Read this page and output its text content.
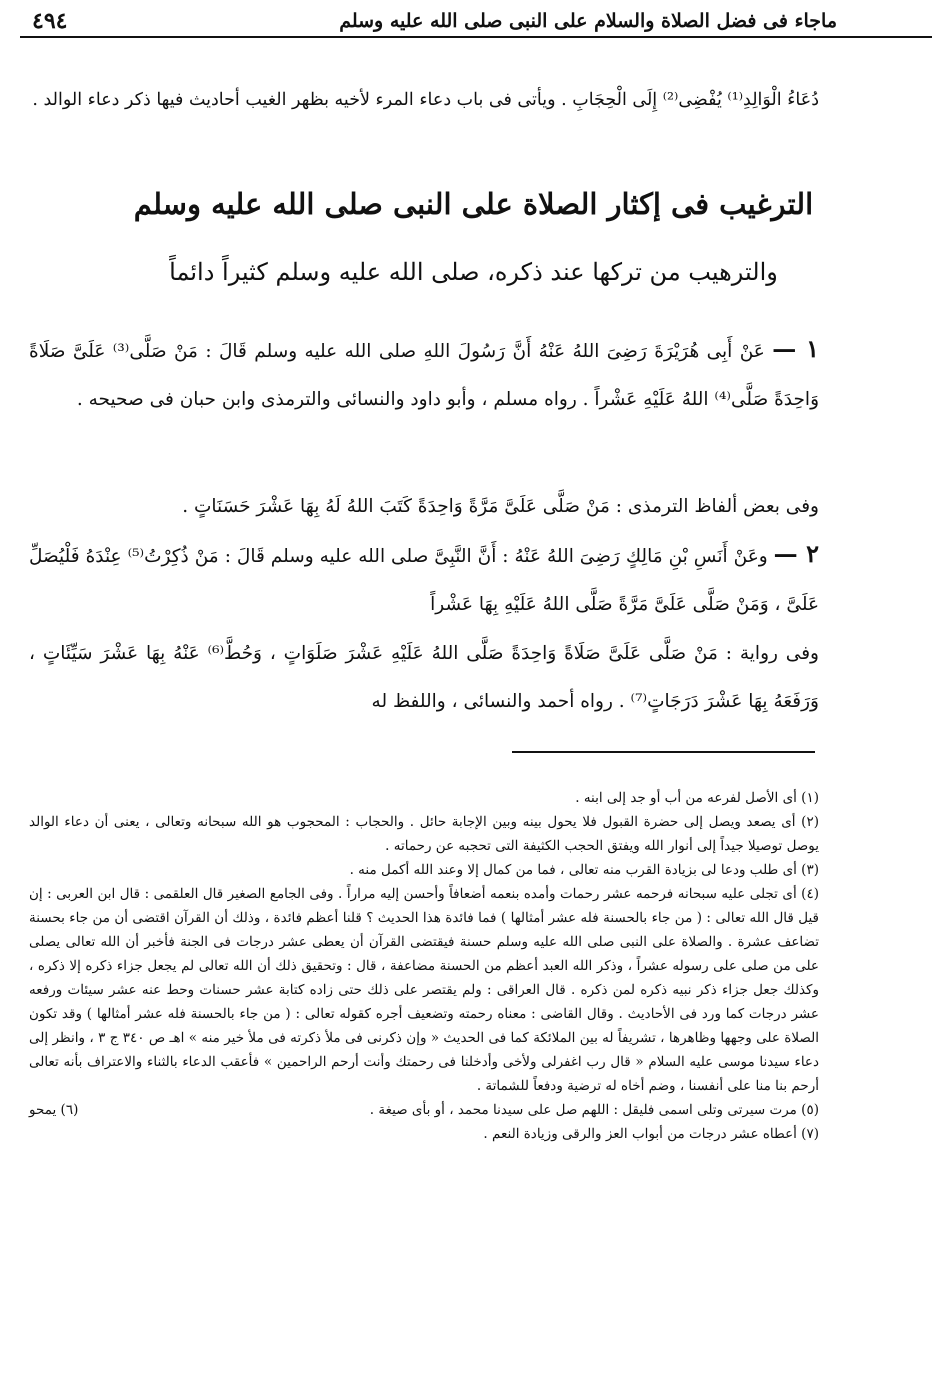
ماجاء فى فضل الصلاة والسلام على النبى صلى الله عليه وسلم
٤٩٤

دُعَاءُ الْوَالِدِ⁽¹⁾ يُفْضِى⁽²⁾ إِلَى الْحِجَابِ . ويأتى فى باب دعاء المرء لأخيه بظهر الغيب أحاديث فيها ذكر دعاء الوالد .

الترغيب فى إكثار الصلاة على النبى صلى الله عليه وسلم
والترهيب من تركها عند ذكره، صلى الله عليه وسلم كثيراً دائماً

١ — عَنْ أَبِى هُرَيْرَةَ رَضِىَ اللهُ عَنْهُ أَنَّ رَسُولَ اللهِ صلى الله عليه وسلم قَالَ : مَنْ صَلَّى⁽³⁾ عَلَىَّ صَلَاةً وَاحِدَةً صَلَّى⁽⁴⁾ اللهُ عَلَيْهِ عَشْراً . رواه مسلم ، وأبو داود والنسائى والترمذى وابن حبان فى صحيحه .

وفى بعض ألفاظ الترمذى : مَنْ صَلَّى عَلَىَّ مَرَّةً وَاحِدَةً كَتَبَ اللهُ لَهُ بِهَا عَشْرَ حَسَنَاتٍ .

٢ — وعَنْ أَنَسِ بْنِ مَالِكٍ رَضِىَ اللهُ عَنْهُ : أَنَّ النَّبِىَّ صلى الله عليه وسلم قَالَ : مَنْ ذُكِرْتُ⁽⁵⁾ عِنْدَهُ فَلْيُصَلِّ عَلَىَّ ، وَمَنْ صَلَّى عَلَىَّ مَرَّةً صَلَّى اللهُ عَلَيْهِ بِهَا عَشْراً

وفى رواية : مَنْ صَلَّى عَلَىَّ صَلَاةً وَاحِدَةً صَلَّى اللهُ عَلَيْهِ عَشْرَ صَلَوَاتٍ ، وَحُطَّ⁽⁶⁾ عَنْهُ بِهَا عَشْرَ سَيِّئَاتٍ ، وَرَفَعَهُ بِهَا عَشْرَ دَرَجَاتٍ⁽⁷⁾ . رواه أحمد والنسائى ، واللفظ له

(١) أى الأصل لفرعه من أب أو جد إلى ابنه .

(٢) أى يصعد ويصل إلى حضرة القبول فلا يحول بينه وبين الإجابة حائل . والحجاب : المحجوب هو الله سبحانه وتعالى ، يعنى أن دعاء الوالد يوصل توصيلا جيداً إلى أنوار الله ويفتق الحجب الكثيفة التى تحجبه عن رحماته .

(٣) أى طلب ودعا لى بزيادة القرب منه تعالى ، فما من كمال إلا وعند الله أكمل منه .

(٤) أى تجلى عليه سبحانه فرحمه عشر رحمات وأمده بنعمه أضعافاً وأحسن إليه مراراً . وفى الجامع الصغير قال العلقمى : قال ابن العربى : إن قيل قال الله تعالى : ( من جاء بالحسنة فله عشر أمثالها ) فما فائدة هذا الحديث ؟ قلنا أعظم فائدة ، وذلك أن القرآن اقتضى أن من جاء بحسنة تضاعف عشرة . والصلاة على النبى صلى الله عليه وسلم حسنة فيقتضى القرآن أن يعطى عشر درجات فى الجنة فأخبر أن الله تعالى يصلى على من صلى على رسوله عشراً ، وذكر الله العبد أعظم من الحسنة مضاعفة ، قال : وتحقيق ذلك أن الله تعالى لم يجعل جزاء ذكره إلا ذكره ، وكذلك جعل جزاء ذكر نبيه ذكره لمن ذكره . قال العراقى : ولم يقتصر على ذلك حتى زاده كتابة عشر حسنات وحط عنه عشر سيئات ورفعه عشر درجات كما ورد فى الأحاديث . وقال القاضى : معناه رحمته وتضعيف أجره كقوله تعالى : ( من جاء بالحسنة فله عشر أمثالها ) وقد تكون الصلاة على وجهها وظاهرها ، تشريفاً له بين الملائكة كما فى الحديث « وإن ذكرنى فى ملأ ذكرته فى ملأ خير منه » اهـ ص ٣٤٠ ج ٣ ، وانظر إلى دعاء سيدنا موسى عليه السلام « قال رب اغفرلى ولأخى وأدخلنا فى رحمتك وأنت أرحم الراحمين » فأعقب الدعاء بالثناء والاعتراف بأنه تعالى أرحم بنا منا على أنفسنا ، وضم أخاه له ترضية ودفعاً للشماتة .

(٥) مرت سيرتى وتلى اسمى فليقل : اللهم صل على سيدنا محمد ، أو بأى صيغة .
(٦) يمحو

(٧) أعطاه عشر درجات من أبواب العز والرقى وزيادة النعم .
